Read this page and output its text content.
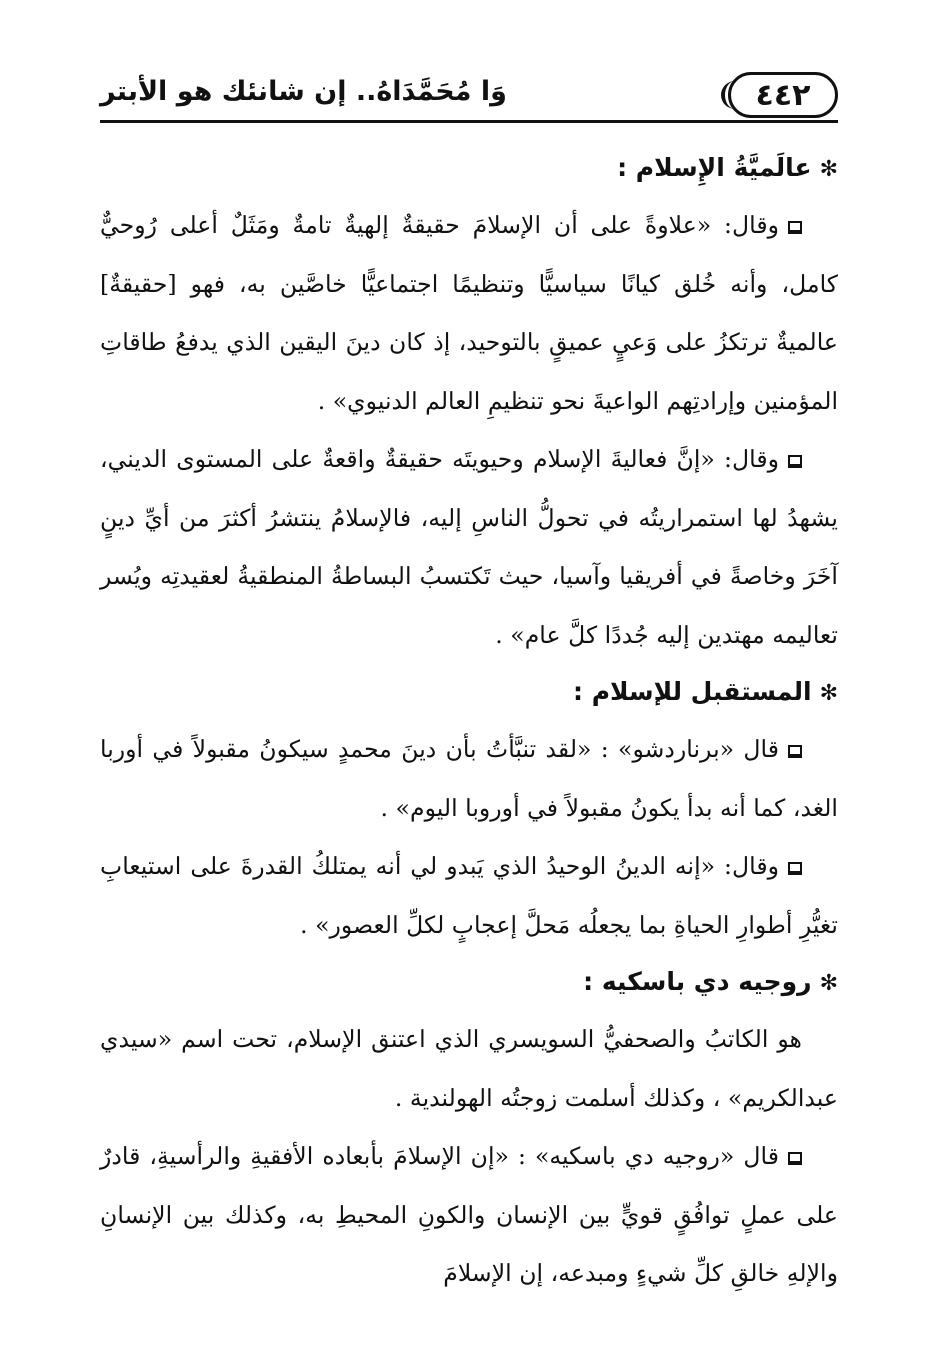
٤٤٢
وَا مُحَمَّدَاهُ.. إن شانئك هو الأبتر
✻عالَميَّةُ الإِسلام :

وقال: «علاوةً على أن الإسلامَ حقيقةٌ إلهيةٌ تامةٌ ومَثَلٌ أعلى رُوحيٌّ كامل، وأنه خُلق كيانًا سياسيًّا وتنظيمًا اجتماعيًّا خاصَّين به، فهو [حقيقةٌ] عالميةٌ ترتكزُ على وَعيٍ عميقٍ بالتوحيد، إذ كان دينَ اليقين الذي يدفعُ طاقاتِ المؤمنين وإرادتِهم الواعيةَ نحو تنظيمِ العالم الدنيوي» .

وقال: «إنَّ فعاليةَ الإسلام وحيويتَه حقيقةٌ واقعةٌ على المستوى الديني، يشهدُ لها استمراريتُه في تحولُّ الناسِ إليه، فالإسلامُ ينتشرُ أكثرَ من أيِّ دينٍ آخَرَ وخاصةً في أفريقيا وآسيا، حيث تَكتسبُ البساطةُ المنطقيةُ لعقيدتِه ويُسر تعاليمه مهتدين إليه جُددًا كلَّ عام» .

✻المستقبل للإسلام :

قال «برناردشو» : «لقد تنبَّأتُ بأن دينَ محمدٍ سيكونُ مقبولاً في أوربا الغد، كما أنه بدأ يكونُ مقبولاً في أوروبا اليوم» .

وقال: «إنه الدينُ الوحيدُ الذي يَبدو لي أنه يمتلكُ القدرةَ على استيعابِ تغيُّرِ أطوارِ الحياةِ بما يجعلُه مَحلَّ إعجابٍ لكلِّ العصور» .

✻روجيه دي باسكيه :

هو الكاتبُ والصحفيُّ السويسري الذي اعتنق الإسلام، تحت اسم «سيدي عبدالكريم» ، وكذلك أسلمت زوجتُه الهولندية .

قال «روجيه دي باسكيه» : «إن الإسلامَ بأبعاده الأفقيةِ والرأسيةِ، قادرٌ على عملٍ توافُقٍ قويٍّ بين الإنسان والكونِ المحيطِ به، وكذلك بين الإنسانِ والإلهِ خالقِ كلِّ شيءٍ ومبدعه، إن الإسلامَ
